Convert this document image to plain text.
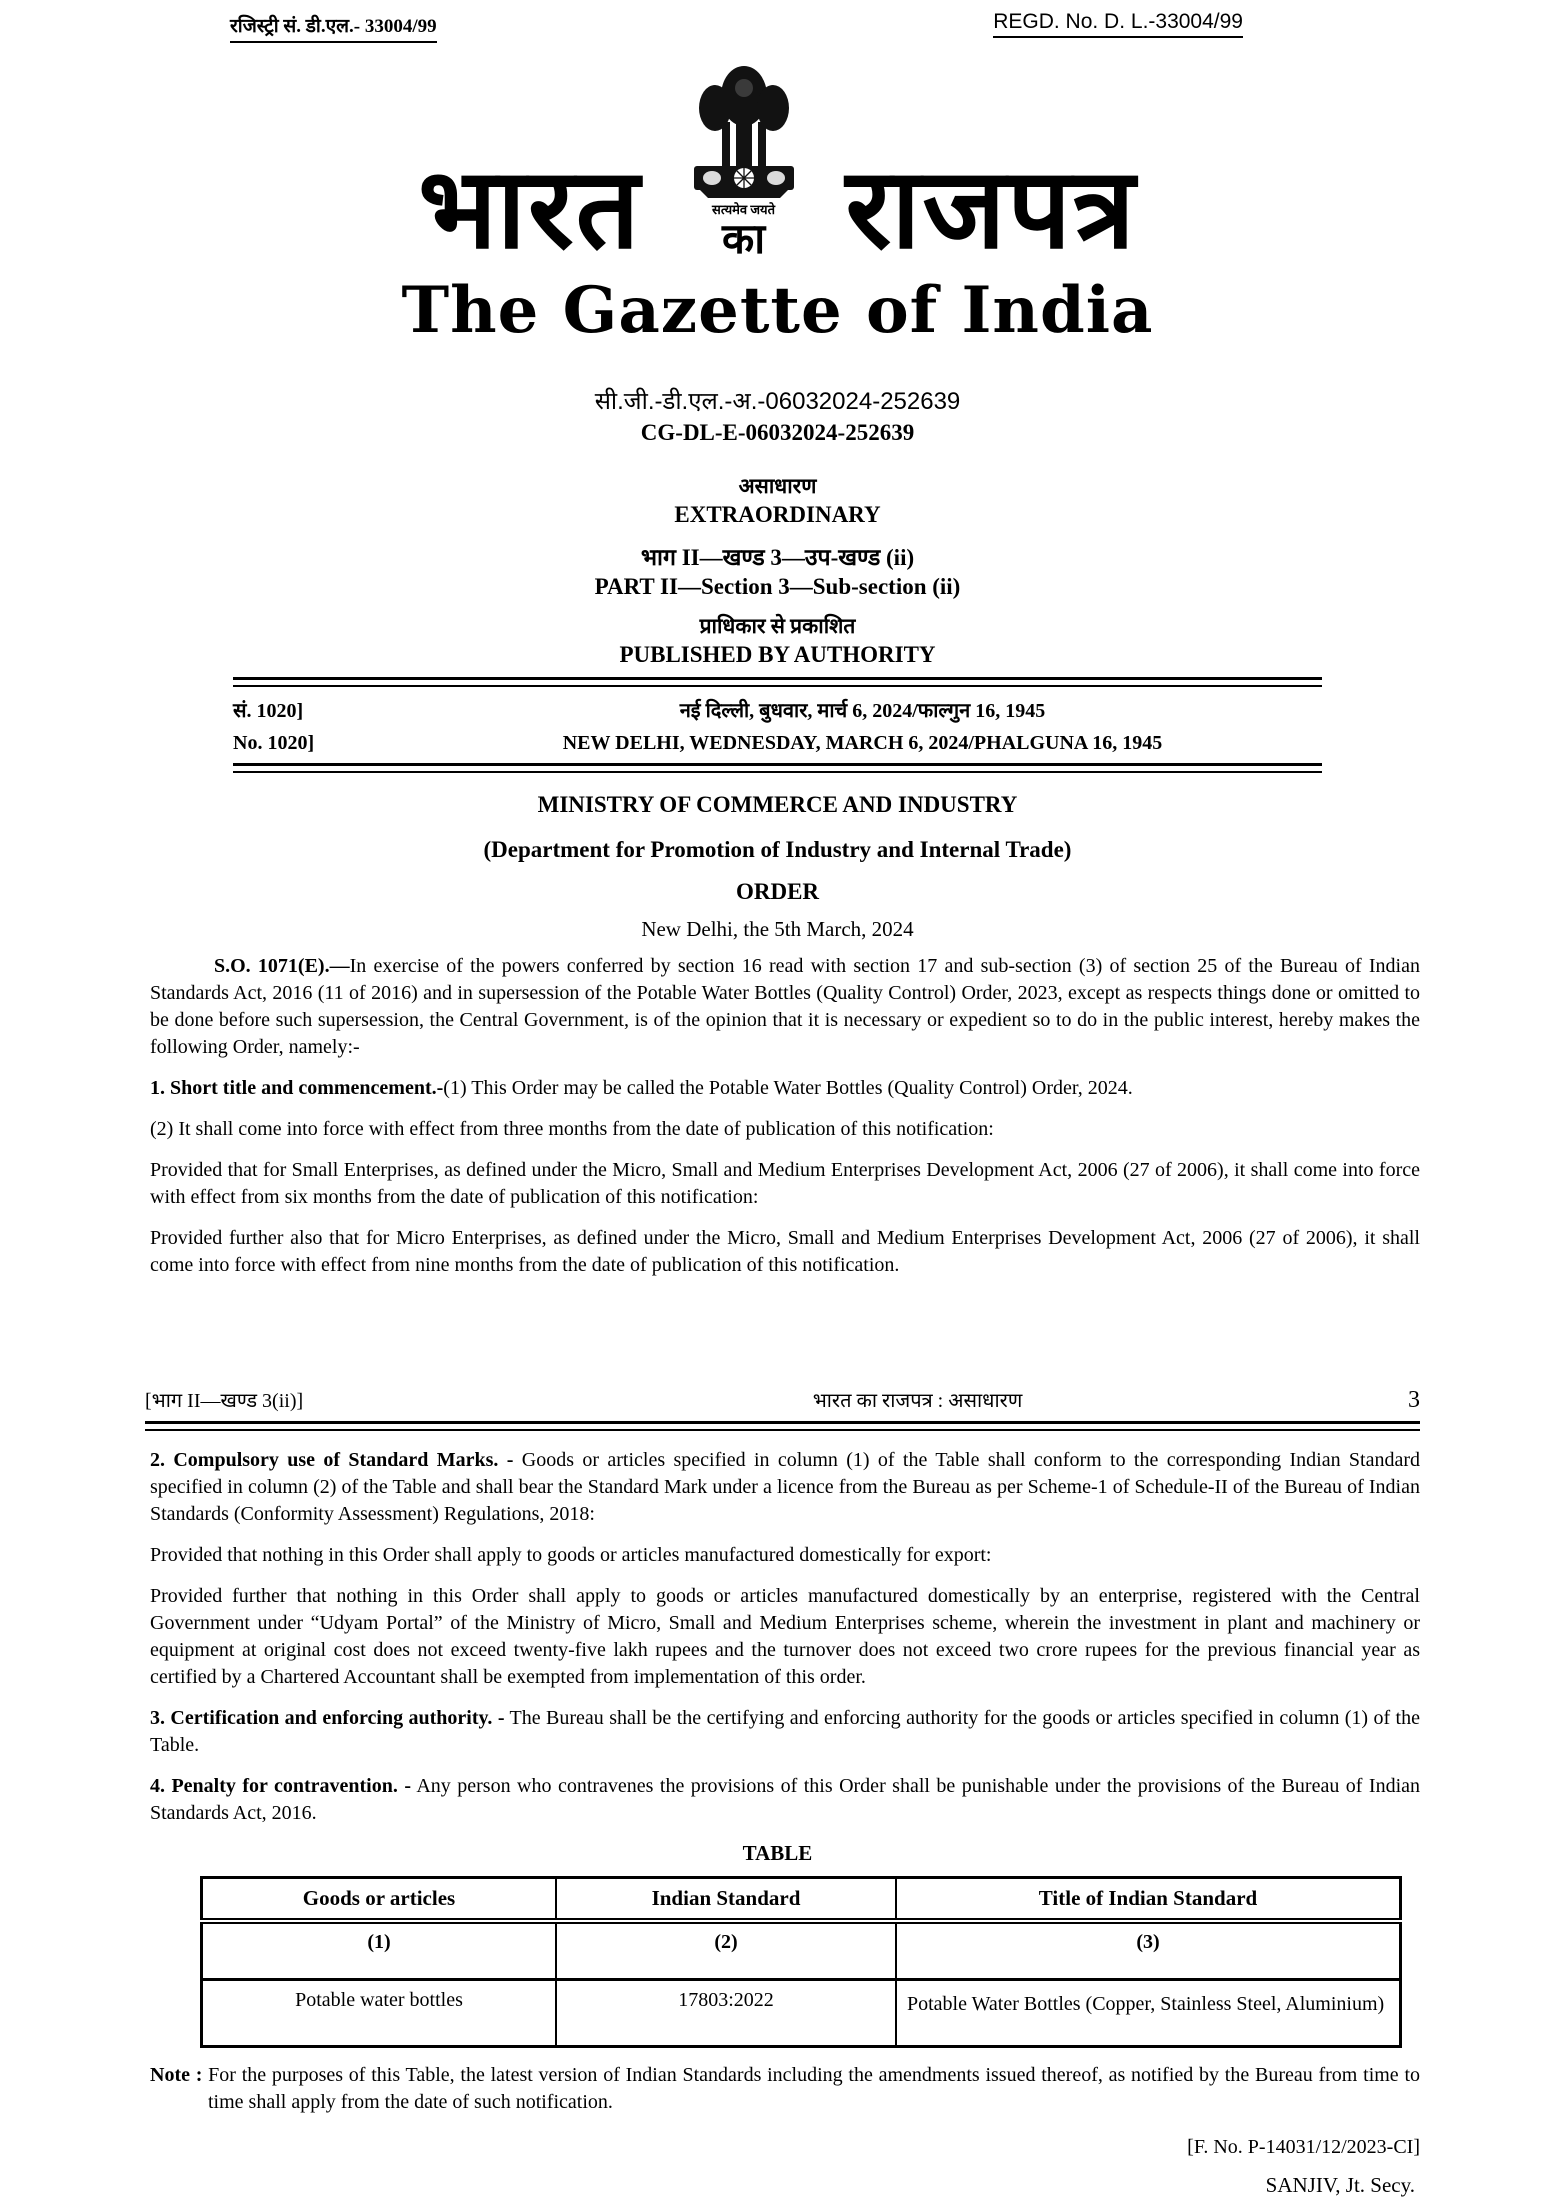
रजिस्ट्री सं. डी.एल.- 33004/99	REGD. No. D. L.-33004/99
भारत	सत्यमेव जयते
का राजपत्र
The Gazette of India
सी.जी.-डी.एल.-अ.-06032024-252639
CG-DL-E-06032024-252639
असाधारण
EXTRAORDINARY
भाग II—खण्ड 3—उप-खण्ड (ii)
PART II—Section 3—Sub-section (ii)
प्राधिकार से प्रकाशित
PUBLISHED BY AUTHORITY
सं. 1020]	नई दिल्ली, बुधवार, मार्च 6, 2024/फाल्गुन 16, 1945
No. 1020]	NEW DELHI, WEDNESDAY, MARCH 6, 2024/PHALGUNA 16, 1945
MINISTRY OF COMMERCE AND INDUSTRY
(Department for Promotion of Industry and Internal Trade)
ORDER
New Delhi, the 5th March, 2024

S.O. 1071(E).—In exercise of the powers conferred by section 16 read with section 17 and sub-section (3) of section 25 of the Bureau of Indian Standards Act, 2016 (11 of 2016) and in supersession of the Potable Water Bottles (Quality Control) Order, 2023, except as respects things done or omitted to be done before such supersession, the Central Government, is of the opinion that it is necessary or expedient so to do in the public interest, hereby makes the following Order, namely:-

1. Short title and commencement.-(1) This Order may be called the Potable Water Bottles (Quality Control) Order, 2024.

(2) It shall come into force with effect from three months from the date of publication of this notification:

Provided that for Small Enterprises, as defined under the Micro, Small and Medium Enterprises Development Act, 2006 (27 of 2006), it shall come into force with effect from six months from the date of publication of this notification:

Provided further also that for Micro Enterprises, as defined under the Micro, Small and Medium Enterprises Development Act, 2006 (27 of 2006), it shall come into force with effect from nine months from the date of publication of this notification.

[भाग II—खण्ड 3(ii)]	भारत का राजपत्र : असाधारण	3

2. Compulsory use of Standard Marks. - Goods or articles specified in column (1) of the Table shall conform to the corresponding Indian Standard specified in column (2) of the Table and shall bear the Standard Mark under a licence from the Bureau as per Scheme-1 of Schedule-II of the Bureau of Indian Standards (Conformity Assessment) Regulations, 2018:

Provided that nothing in this Order shall apply to goods or articles manufactured domestically for export:

Provided further that nothing in this Order shall apply to goods or articles manufactured domestically by an enterprise, registered with the Central Government under “Udyam Portal” of the Ministry of Micro, Small and Medium Enterprises scheme, wherein the investment in plant and machinery or equipment at original cost does not exceed twenty-five lakh rupees and the turnover does not exceed two crore rupees for the previous financial year as certified by a Chartered Accountant shall be exempted from implementation of this order.

3. Certification and enforcing authority. - The Bureau shall be the certifying and enforcing authority for the goods or articles specified in column (1) of the Table.

4. Penalty for contravention. - Any person who contravenes the provisions of this Order shall be punishable under the provisions of the Bureau of Indian Standards Act, 2016.

TABLE
Goods or articles	Indian Standard	Title of Indian Standard
(1)	(2)	(3)
Potable water bottles	17803:2022	Potable Water Bottles (Copper, Stainless Steel, Aluminium)

Note : For the purposes of this Table, the latest version of Indian Standards including the amendments issued thereof, as notified by the Bureau from time to time shall apply from the date of such notification.

[F. No. P-14031/12/2023-CI]
SANJIV, Jt. Secy.
